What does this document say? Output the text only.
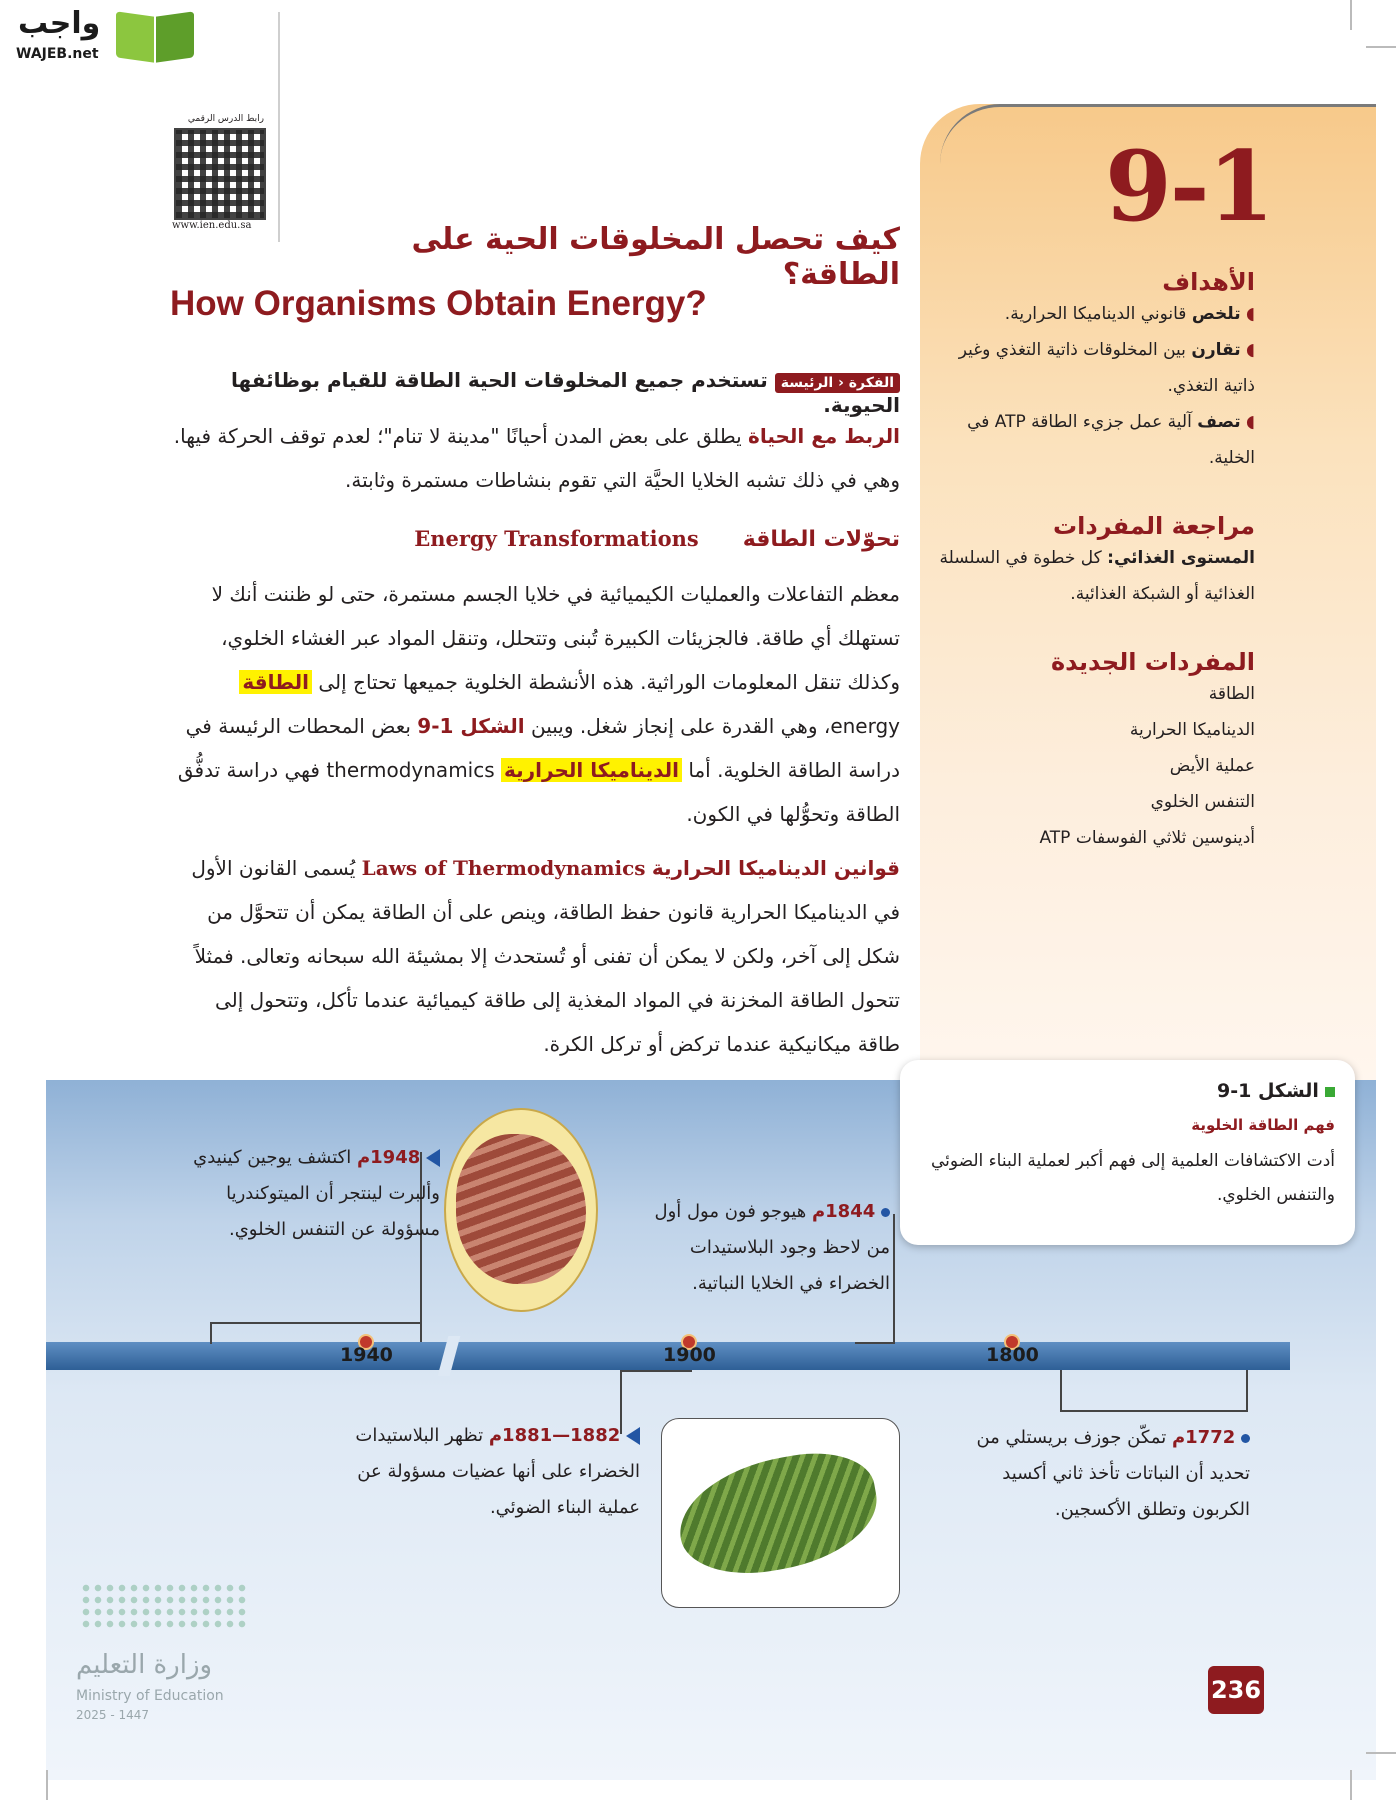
واجب
WAJEB.net
رابط الدرس الرقمي
www.ien.edu.sa	9-1
الأهداف
◖ تلخص قانوني الديناميكا الحرارية.
◖ تقارن بين المخلوقات ذاتية التغذي وغير ذاتية التغذي.
◖ تصف آلية عمل جزيء الطاقة ATP في الخلية.
مراجعة المفردات
المستوى الغذائي: كل خطوة في السلسلة الغذائية أو الشبكة الغذائية.
المفردات الجديدة
الطاقة
الديناميكا الحرارية
عملية الأيض
التنفس الخلوي
أدينوسين ثلاثي الفوسفات ATP
كيف تحصل المخلوقات الحية على الطاقة؟
How Organisms Obtain Energy?
الفكرة ‹ الرئيسة تستخدم جميع المخلوقات الحية الطاقة للقيام بوظائفها الحيوية.
الربط مع الحياة يطلق على بعض المدن أحيانًا "مدينة لا تنام"؛ لعدم توقف الحركة فيها. وهي في ذلك تشبه الخلايا الحيَّة التي تقوم بنشاطات مستمرة وثابتة.
تحوّلات الطاقة  Energy Transformations
معظم التفاعلات والعمليات الكيميائية في خلايا الجسم مستمرة، حتى لو ظننت أنك لا تستهلك أي طاقة. فالجزيئات الكبيرة تُبنى وتتحلل، وتنقل المواد عبر الغشاء الخلوي، وكذلك تنقل المعلومات الوراثية. هذه الأنشطة الخلوية جميعها تحتاج إلى الطاقة energy، وهي القدرة على إنجاز شغل. ويبين الشكل 1-9 بعض المحطات الرئيسة في دراسة الطاقة الخلوية. أما الديناميكا الحرارية thermodynamics فهي دراسة تدفُّق الطاقة وتحوُّلها في الكون.
قوانين الديناميكا الحرارية Laws of Thermodynamics يُسمى القانون الأول في الديناميكا الحرارية قانون حفظ الطاقة، وينص على أن الطاقة يمكن أن تتحوَّل من شكل إلى آخر، ولكن لا يمكن أن تفنى أو تُستحدث إلا بمشيئة الله سبحانه وتعالى. فمثلاً تتحول الطاقة المخزنة في المواد المغذية إلى طاقة كيميائية عندما تأكل، وتتحول إلى طاقة ميكانيكية عندما تركض أو تركل الكرة.
الشكل 1-9
فهم الطاقة الخلوية
أدت الاكتشافات العلمية إلى فهم أكبر لعملية البناء الضوئي والتنفس الخلوي.
1940	1900	1800
1948م اكتشف يوجين كينيدي وألبرت لينتجر أن الميتوكندريا مسؤولة عن التنفس الخلوي.
1844م هيوجو فون مول أول من لاحظ وجود البلاستيدات الخضراء في الخلايا النباتية.
1882—1881م تظهر البلاستيدات الخضراء على أنها عضيات مسؤولة عن عملية البناء الضوئي.
1772م تمكّن جوزف بريستلي من تحديد أن النباتات تأخذ ثاني أكسيد الكربون وتطلق الأكسجين.
وزارة التعليم
Ministry of Education
2025 - 1447
236
